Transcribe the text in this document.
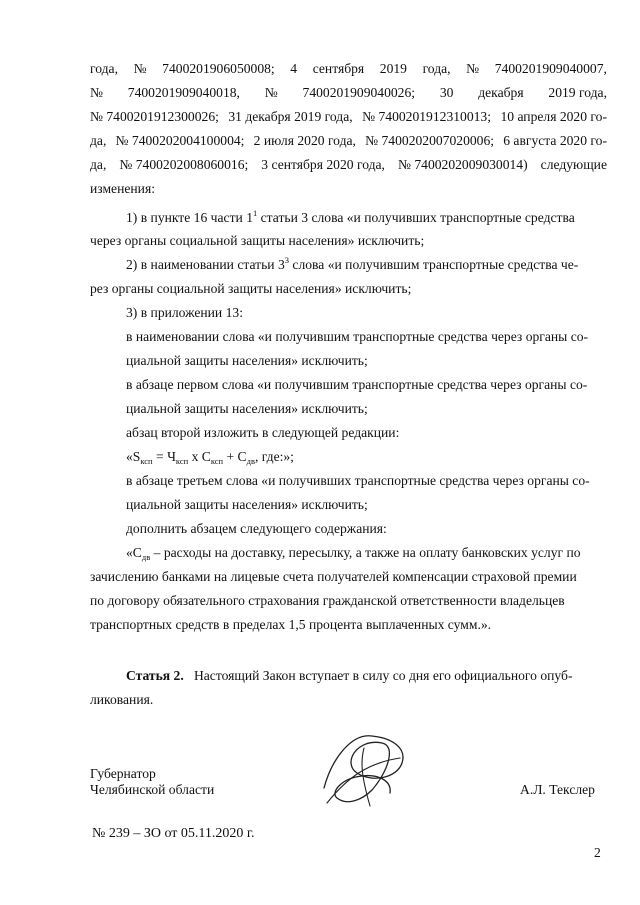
года, № 7400201906050008; 4 сентября 2019 года, № 7400201909040007,
№ 7400201909040018, № 7400201909040026; 30 декабря 2019 года,
№ 7400201912300026; 31 декабря 2019 года, № 7400201912310013; 10 апреля 2020 го-
да, № 7400202004100004; 2 июля 2020 года, № 7400202007020006; 6 августа 2020 го-
да, № 7400202008060016; 3 сентября 2020 года, № 7400202009030014) следующие
изменения:
1) в пункте 16 части $1^1$ статьи 3 слова «и получивших транспортные средства
через органы социальной защиты населения» исключить;
2) в наименовании статьи $3^3$ слова «и получившим транспортные средства че-
рез органы социальной защиты населения» исключить;
3) в приложении 13:
в наименовании слова «и получившим транспортные средства через органы со-
циальной защиты населения» исключить;
в абзаце первом слова «и получившим транспортные средства через органы со-
циальной защиты населения» исключить;
абзац второй изложить в следующей редакции:
«$S_{ксп} = Ч_{ксп}$ х $С_{ксп} + С_{дв}$, где:»;
в абзаце третьем слова «и получивших транспортные средства через органы со-
циальной защиты населения» исключить;
дополнить абзацем следующего содержания:
«$С_{дв}$ – расходы на доставку, пересылку, а также на оплату банковских услуг по
зачислению банками на лицевые счета получателей компенсации страховой премии
по договору обязательного страхования гражданской ответственности владельцев
транспортных средств в пределах 1,5 процента выплаченных сумм.».
Статья 2. Настоящий Закон вступает в силу со дня его официального опуб-
ликования.
Губернатор
Челябинской области	А.Л. Текслер
№ 239 – ЗО от 05.11.2020 г.
2
